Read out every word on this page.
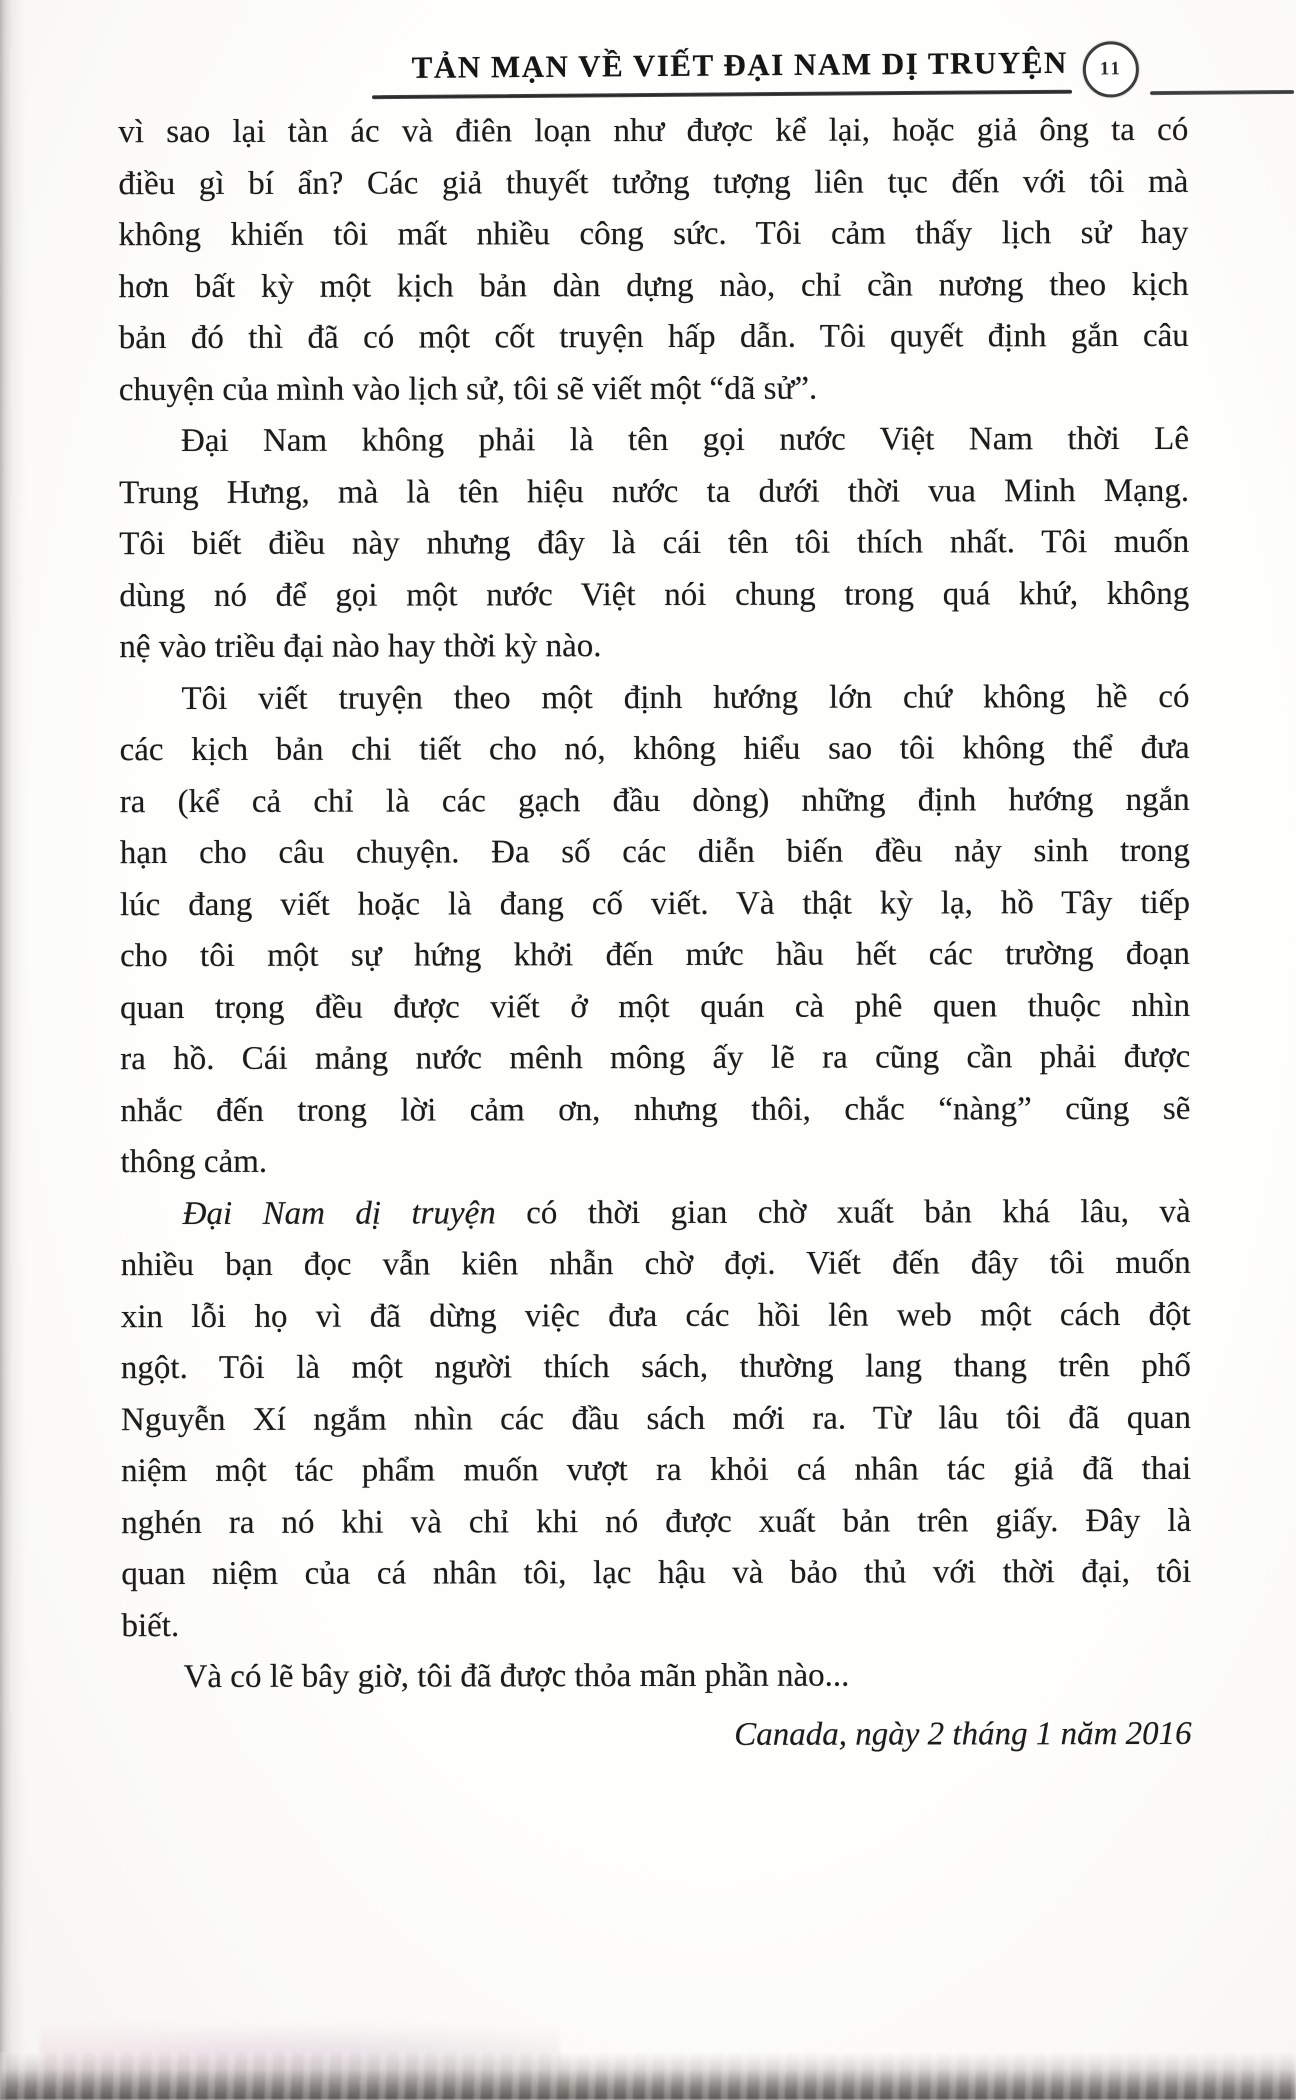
TẢN MẠN VỀ VIẾT ĐẠI NAM DỊ TRUYỆN 11
vì sao lại tàn ác và điên loạn như được kể lại, hoặc giả ông ta có
điều gì bí ẩn? Các giả thuyết tưởng tượng liên tục đến với tôi mà
không khiến tôi mất nhiều công sức. Tôi cảm thấy lịch sử hay
hơn bất kỳ một kịch bản dàn dựng nào, chỉ cần nương theo kịch
bản đó thì đã có một cốt truyện hấp dẫn. Tôi quyết định gắn câu
chuyện của mình vào lịch sử, tôi sẽ viết một “dã sử”.
Đại Nam không phải là tên gọi nước Việt Nam thời Lê
Trung Hưng, mà là tên hiệu nước ta dưới thời vua Minh Mạng.
Tôi biết điều này nhưng đây là cái tên tôi thích nhất. Tôi muốn
dùng nó để gọi một nước Việt nói chung trong quá khứ, không
nệ vào triều đại nào hay thời kỳ nào.
Tôi viết truyện theo một định hướng lớn chứ không hề có
các kịch bản chi tiết cho nó, không hiểu sao tôi không thể đưa
ra (kể cả chỉ là các gạch đầu dòng) những định hướng ngắn
hạn cho câu chuyện. Đa số các diễn biến đều nảy sinh trong
lúc đang viết hoặc là đang cố viết. Và thật kỳ lạ, hồ Tây tiếp
cho tôi một sự hứng khởi đến mức hầu hết các trường đoạn
quan trọng đều được viết ở một quán cà phê quen thuộc nhìn
ra hồ. Cái mảng nước mênh mông ấy lẽ ra cũng cần phải được
nhắc đến trong lời cảm ơn, nhưng thôi, chắc “nàng” cũng sẽ
thông cảm.
Đại Nam dị truyện có thời gian chờ xuất bản khá lâu, và
nhiều bạn đọc vẫn kiên nhẫn chờ đợi. Viết đến đây tôi muốn
xin lỗi họ vì đã dừng việc đưa các hồi lên web một cách đột
ngột. Tôi là một người thích sách, thường lang thang trên phố
Nguyễn Xí ngắm nhìn các đầu sách mới ra. Từ lâu tôi đã quan
niệm một tác phẩm muốn vượt ra khỏi cá nhân tác giả đã thai
nghén ra nó khi và chỉ khi nó được xuất bản trên giấy. Đây là
quan niệm của cá nhân tôi, lạc hậu và bảo thủ với thời đại, tôi
biết.
Và có lẽ bây giờ, tôi đã được thỏa mãn phần nào...
Canada, ngày 2 tháng 1 năm 2016
